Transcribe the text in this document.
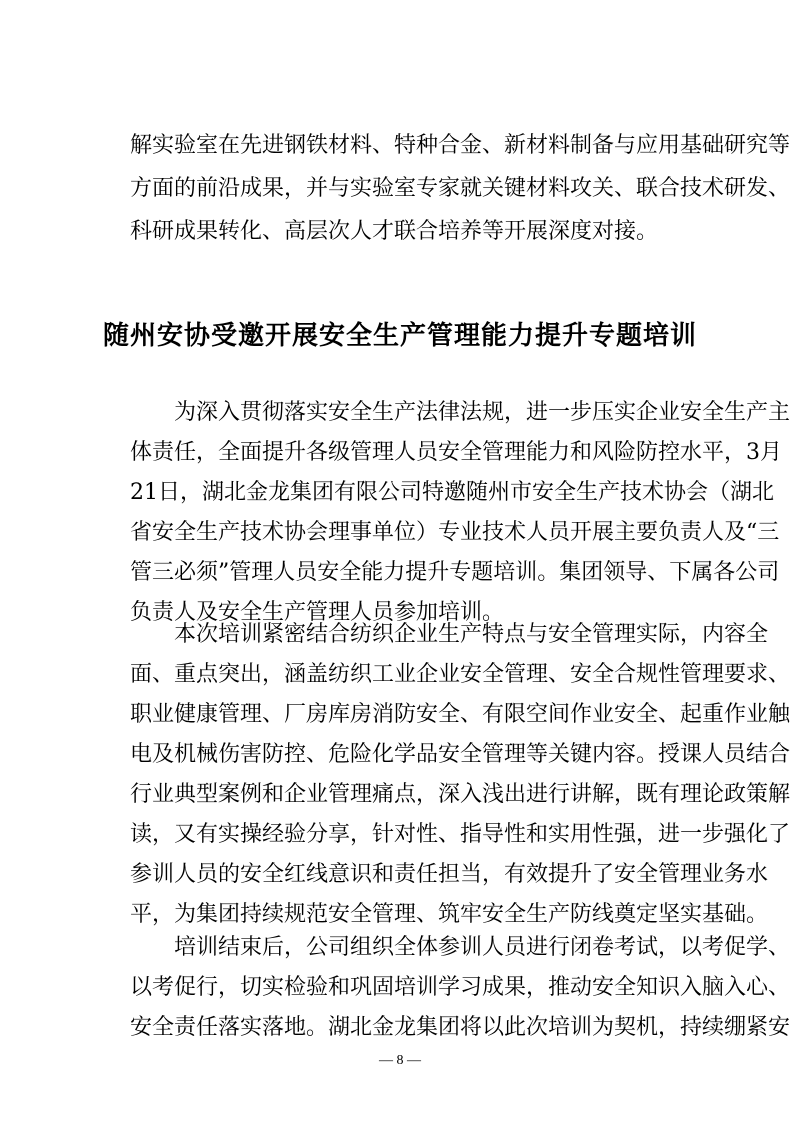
解实验室在先进钢铁材料、特种合金、新材料制备与应用基础研究等
方面的前沿成果，并与实验室专家就关键材料攻关、联合技术研发、
科研成果转化、高层次人才联合培养等开展深度对接。
随州安协受邀开展安全生产管理能力提升专题培训
为深入贯彻落实安全生产法律法规，进一步压实企业安全生产主
体责任，全面提升各级管理人员安全管理能力和风险防控水平，3月
21日，湖北金龙集团有限公司特邀随州市安全生产技术协会（湖北
省安全生产技术协会理事单位）专业技术人员开展主要负责人及“三
管三必须”管理人员安全能力提升专题培训。集团领导、下属各公司
负责人及安全生产管理人员参加培训。
本次培训紧密结合纺织企业生产特点与安全管理实际，内容全
面、重点突出，涵盖纺织工业企业安全管理、安全合规性管理要求、
职业健康管理、厂房库房消防安全、有限空间作业安全、起重作业触
电及机械伤害防控、危险化学品安全管理等关键内容。授课人员结合
行业典型案例和企业管理痛点，深入浅出进行讲解，既有理论政策解
读，又有实操经验分享，针对性、指导性和实用性强，进一步强化了
参训人员的安全红线意识和责任担当，有效提升了安全管理业务水
平，为集团持续规范安全管理、筑牢安全生产防线奠定坚实基础。
培训结束后，公司组织全体参训人员进行闭卷考试，以考促学、
以考促行，切实检验和巩固培训学习成果，推动安全知识入脑入心、
安全责任落实落地。湖北金龙集团将以此次培训为契机，持续绷紧安
— 8 —
